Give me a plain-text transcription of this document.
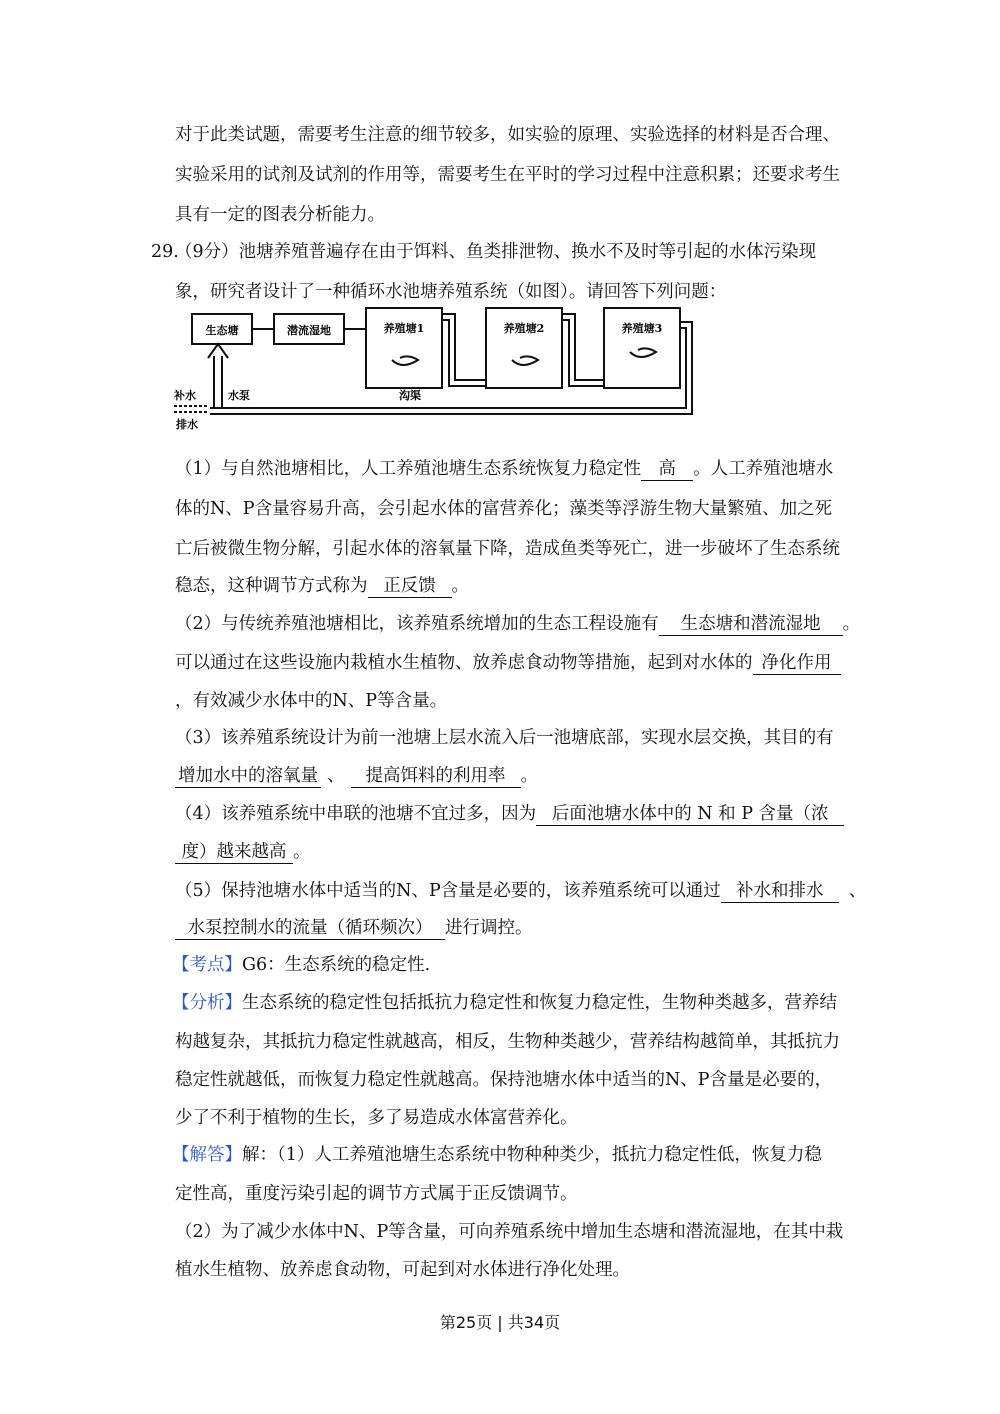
对于此类试题，需要考生注意的细节较多，如实验的原理、实验选择的材料是否合理、
实验采用的试剂及试剂的作用等，需要考生在平时的学习过程中注意积累；还要求考生
具有一定的图表分析能力。
29.
（9分）池塘养殖普遍存在由于饵料、鱼类排泄物、换水不及时等引起的水体污染现
象，研究者设计了一种循环水池塘养殖系统（如图）。请回答下列问题：
生态塘	潜流湿地	养殖塘1	养殖塘2	养殖塘3
补水	水泵	沟渠
排水
（1）与自然池塘相比，人工养殖池塘生态系统恢复力稳定性 高 。人工养殖池塘水
体的N、P含量容易升高，会引起水体的富营养化；藻类等浮游生物大量繁殖、加之死
亡后被微生物分解，引起水体的溶氧量下降，造成鱼类等死亡，进一步破坏了生态系统
稳态，这种调节方式称为 正反馈 。
（2）与传统养殖池塘相比，该养殖系统增加的生态工程设施有 生态塘和潜流湿地 。
可以通过在这些设施内栽植水生植物、放养虑食动物等措施，起到对水体的 净化作用
，有效减少水体中的N、P等含量。
（3）该养殖系统设计为前一池塘上层水流入后一池塘底部，实现水层交换，其目的有
增加水中的溶氧量 、 提高饵料的利用率 。
（4）该养殖系统中串联的池塘不宜过多，因为 后面池塘水体中的 N 和 P 含量（浓
度）越来越高 。
（5）保持池塘水体中适当的N、P含量是必要的，该养殖系统可以通过 补水和排水 、
水泵控制水的流量（循环频次） 进行调控。
【考点】G6：生态系统的稳定性.
【分析】生态系统的稳定性包括抵抗力稳定性和恢复力稳定性，生物种类越多，营养结
构越复杂，其抵抗力稳定性就越高，相反，生物种类越少，营养结构越简单，其抵抗力
稳定性就越低，而恢复力稳定性就越高。保持池塘水体中适当的N、P含量是必要的，
少了不利于植物的生长，多了易造成水体富营养化。
【解答】解：（1）人工养殖池塘生态系统中物种种类少，抵抗力稳定性低，恢复力稳
定性高，重度污染引起的调节方式属于正反馈调节。
（2）为了减少水体中N、P等含量，可向养殖系统中增加生态塘和潜流湿地，在其中栽
植水生植物、放养虑食动物，可起到对水体进行净化处理。
第25页 | 共34页
